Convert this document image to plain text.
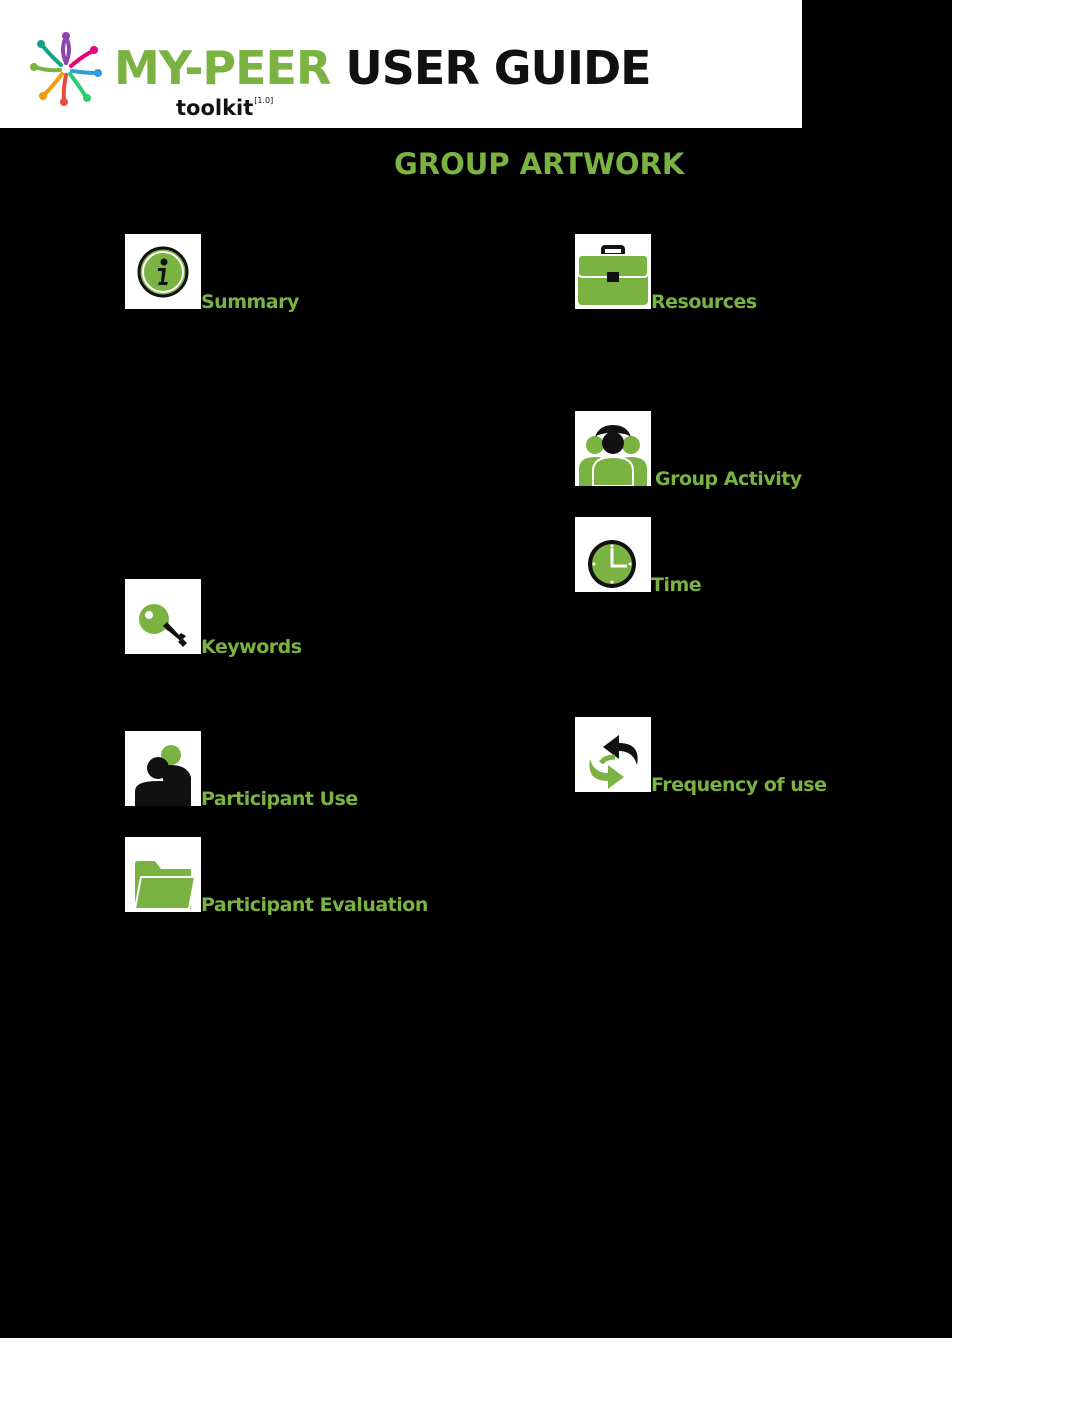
MY-PEER USER GUIDE
toolkit[1.0]
GROUP ARTWORK
Summary	Resources
Group Activity
Time
Keywords
Frequency of use
Participant Use
Participant Evaluation
